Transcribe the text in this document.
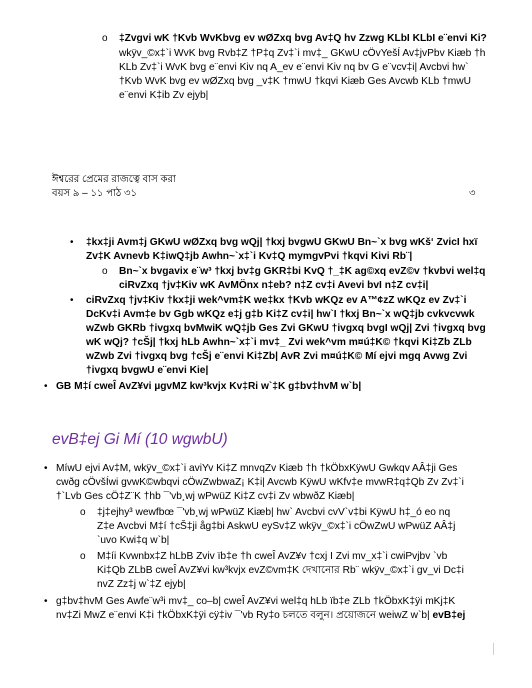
o ‡Zvgvi wK †Kvb WvKbvg ev wØZxq bvg Av‡Q hv Zzwg KLbI KLbI e¨envi Ki?
wkÿv_©x‡`i WvK bvg Rvb‡Z †P‡q Zv‡`i mv‡_ GKwU cÖvYešÍ Av‡jvPbv Kiæb †h
KLb Zv‡`i WvK bvg e¨envi Kiv nq A_ev e¨envi Kiv nq bv G e¨vcv‡i| Avcbvi hw`
†Kvb WvK bvg ev wØZxq bvg _v‡K †mwU †kqvi Kiæb Ges Avcwb KLb †mwU
e¨envi K‡ib Zv ejyb|
ঈশ্বরের প্রেমের রাজত্বে বাস করা
বয়স ৯ – ১১ পাঠ ৩১	৩
• ‡kx‡ji Avm‡j GKwU wØZxq bvg wQj| †kxj bvgwU GKwU Bn~`x bvg wKš‘ ZvicI hxï
Zv‡K Avnevb K‡iwQ‡jb Awhn~`x‡`i Kv‡Q mymgvPvi †kqvi Kivi Rb¨|
o Bn~`x bvgavix e¨w³ †kxj bv‡g GKR‡bi KvQ †_‡K ag©xq evZ©v †kvbvi wel‡q
ciRvZxq †jv‡Kiv wK AvMÖnx n‡eb? n‡Z cv‡i Avevi bvI n‡Z cv‡i|
• ciRvZxq †jv‡Kiv †kx‡ji wek^vm‡K we‡kx †Kvb wKQz ev A™¢zZ wKQz ev Zv‡`i
DcKv‡i Avm‡e bv Ggb wKQz e‡j g‡b Ki‡Z cv‡i| hw`I †kxj Bn~`x wQ‡jb cvkvcvwk
wZwb GKRb †ivgxq bvMwiK wQ‡jb Ges Zvi GKwU †ivgxq bvgI wQj| Zvi †ivgxq bvg
wK wQj? †cŠj| †kxj hLb Awhn~`x‡`i mv‡_ Zvi wek^vm m¤ú‡K© †kqvi Ki‡Zb ZLb
wZwb Zvi †ivgxq bvg †cŠj e¨envi Ki‡Zb| AvR Zvi m¤ú‡K© Mí ejvi mgq Avwg Zvi
†ivgxq bvgwU e¨envi Kie|
• GB M‡í cweÎ AvZ¥vi µgvMZ kw³kvjx Kv‡Ri w`‡K g‡bv‡hvM w`b|
evB‡ej Gi Mí (10 wgwbU)
• MíwU ejvi Av‡M, wkÿv_©x‡`i aviYv Ki‡Z mnvqZv Kiæb †h †kÖbxKÿwU Gwkqv AÂ‡ji Ges
cwðg cÖvšÍwi gvwK©wbqvi cÖwZwbwaZ¡ K‡i| Avcwb KÿwU wKfv‡e mvwR‡q‡Qb Zv Zv‡`i
†`Lvb Ges cÖ‡Z¨K †hb ¯'vb¸wj wPwüZ Ki‡Z cv‡i Zv wbwðZ Kiæb|
o ‡j‡ejhy³ wewfbœ ¯'vb¸wj wPwüZ Kiæb| hw` Avcbvi cvV`v‡bi KÿwU h‡_ó eo nq
Z‡e Avcbvi M‡í †cŠ‡ji åg‡bi AskwU eySv‡Z wkÿv_©x‡`i cÖwZwU wPwüZ AÂ‡j
`uvo Kwi‡q w`b|
o M‡íi Kvwnbx‡Z hLbB Zviv ïb‡e †h cweÎ AvZ¥v †cxj I Zvi mv_x‡`i cwiPvjbv `vb
Ki‡Qb ZLbB cweÎ AvZ¥vi kw³kvjx evZ©vm‡K দেখানোর Rb¨ wkÿv_©x‡`i gv_vi Dc‡i
nvZ Zz‡j w`‡Z ejyb|
• g‡bv‡hvM Ges Awfe¨w³i mv‡_ co–b| cweÎ AvZ¥vi wel‡q hLb ïb‡e ZLb †kÖbxK‡ÿi mKj‡K
nv‡Zi MwZ e¨envi K‡i †kÖbxK‡ÿi cÿ‡iv ¯'vb Ry‡o চলতে বলুন। প্রয়োজনে weiwZ w`b| evB‡ej
